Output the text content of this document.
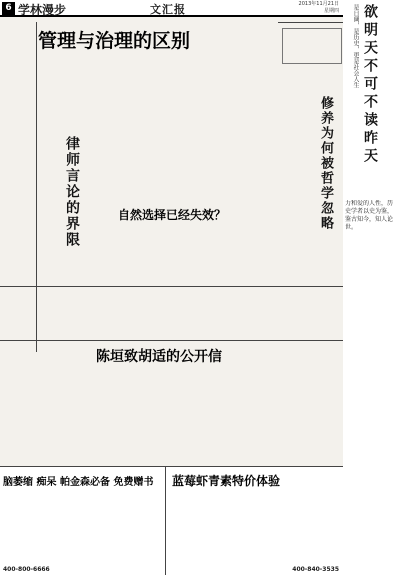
6 学林漫步	文汇报	2013年11月21日
星期四
管理与治理的区别
修养为何被哲学忽略
律师言论的界限	自然选择已经失效？
陈垣致胡适的公开信
脑萎缩 痴呆 帕金森必备 免费赠书
400-800-6666
蓝莓虾青素特价体验
400-840-3535
欲明天不可不读昨天
是日阔，是历史，更是社会人生
力和爱的人性，历史学者以史为鉴，鉴古知今，知人论世。
